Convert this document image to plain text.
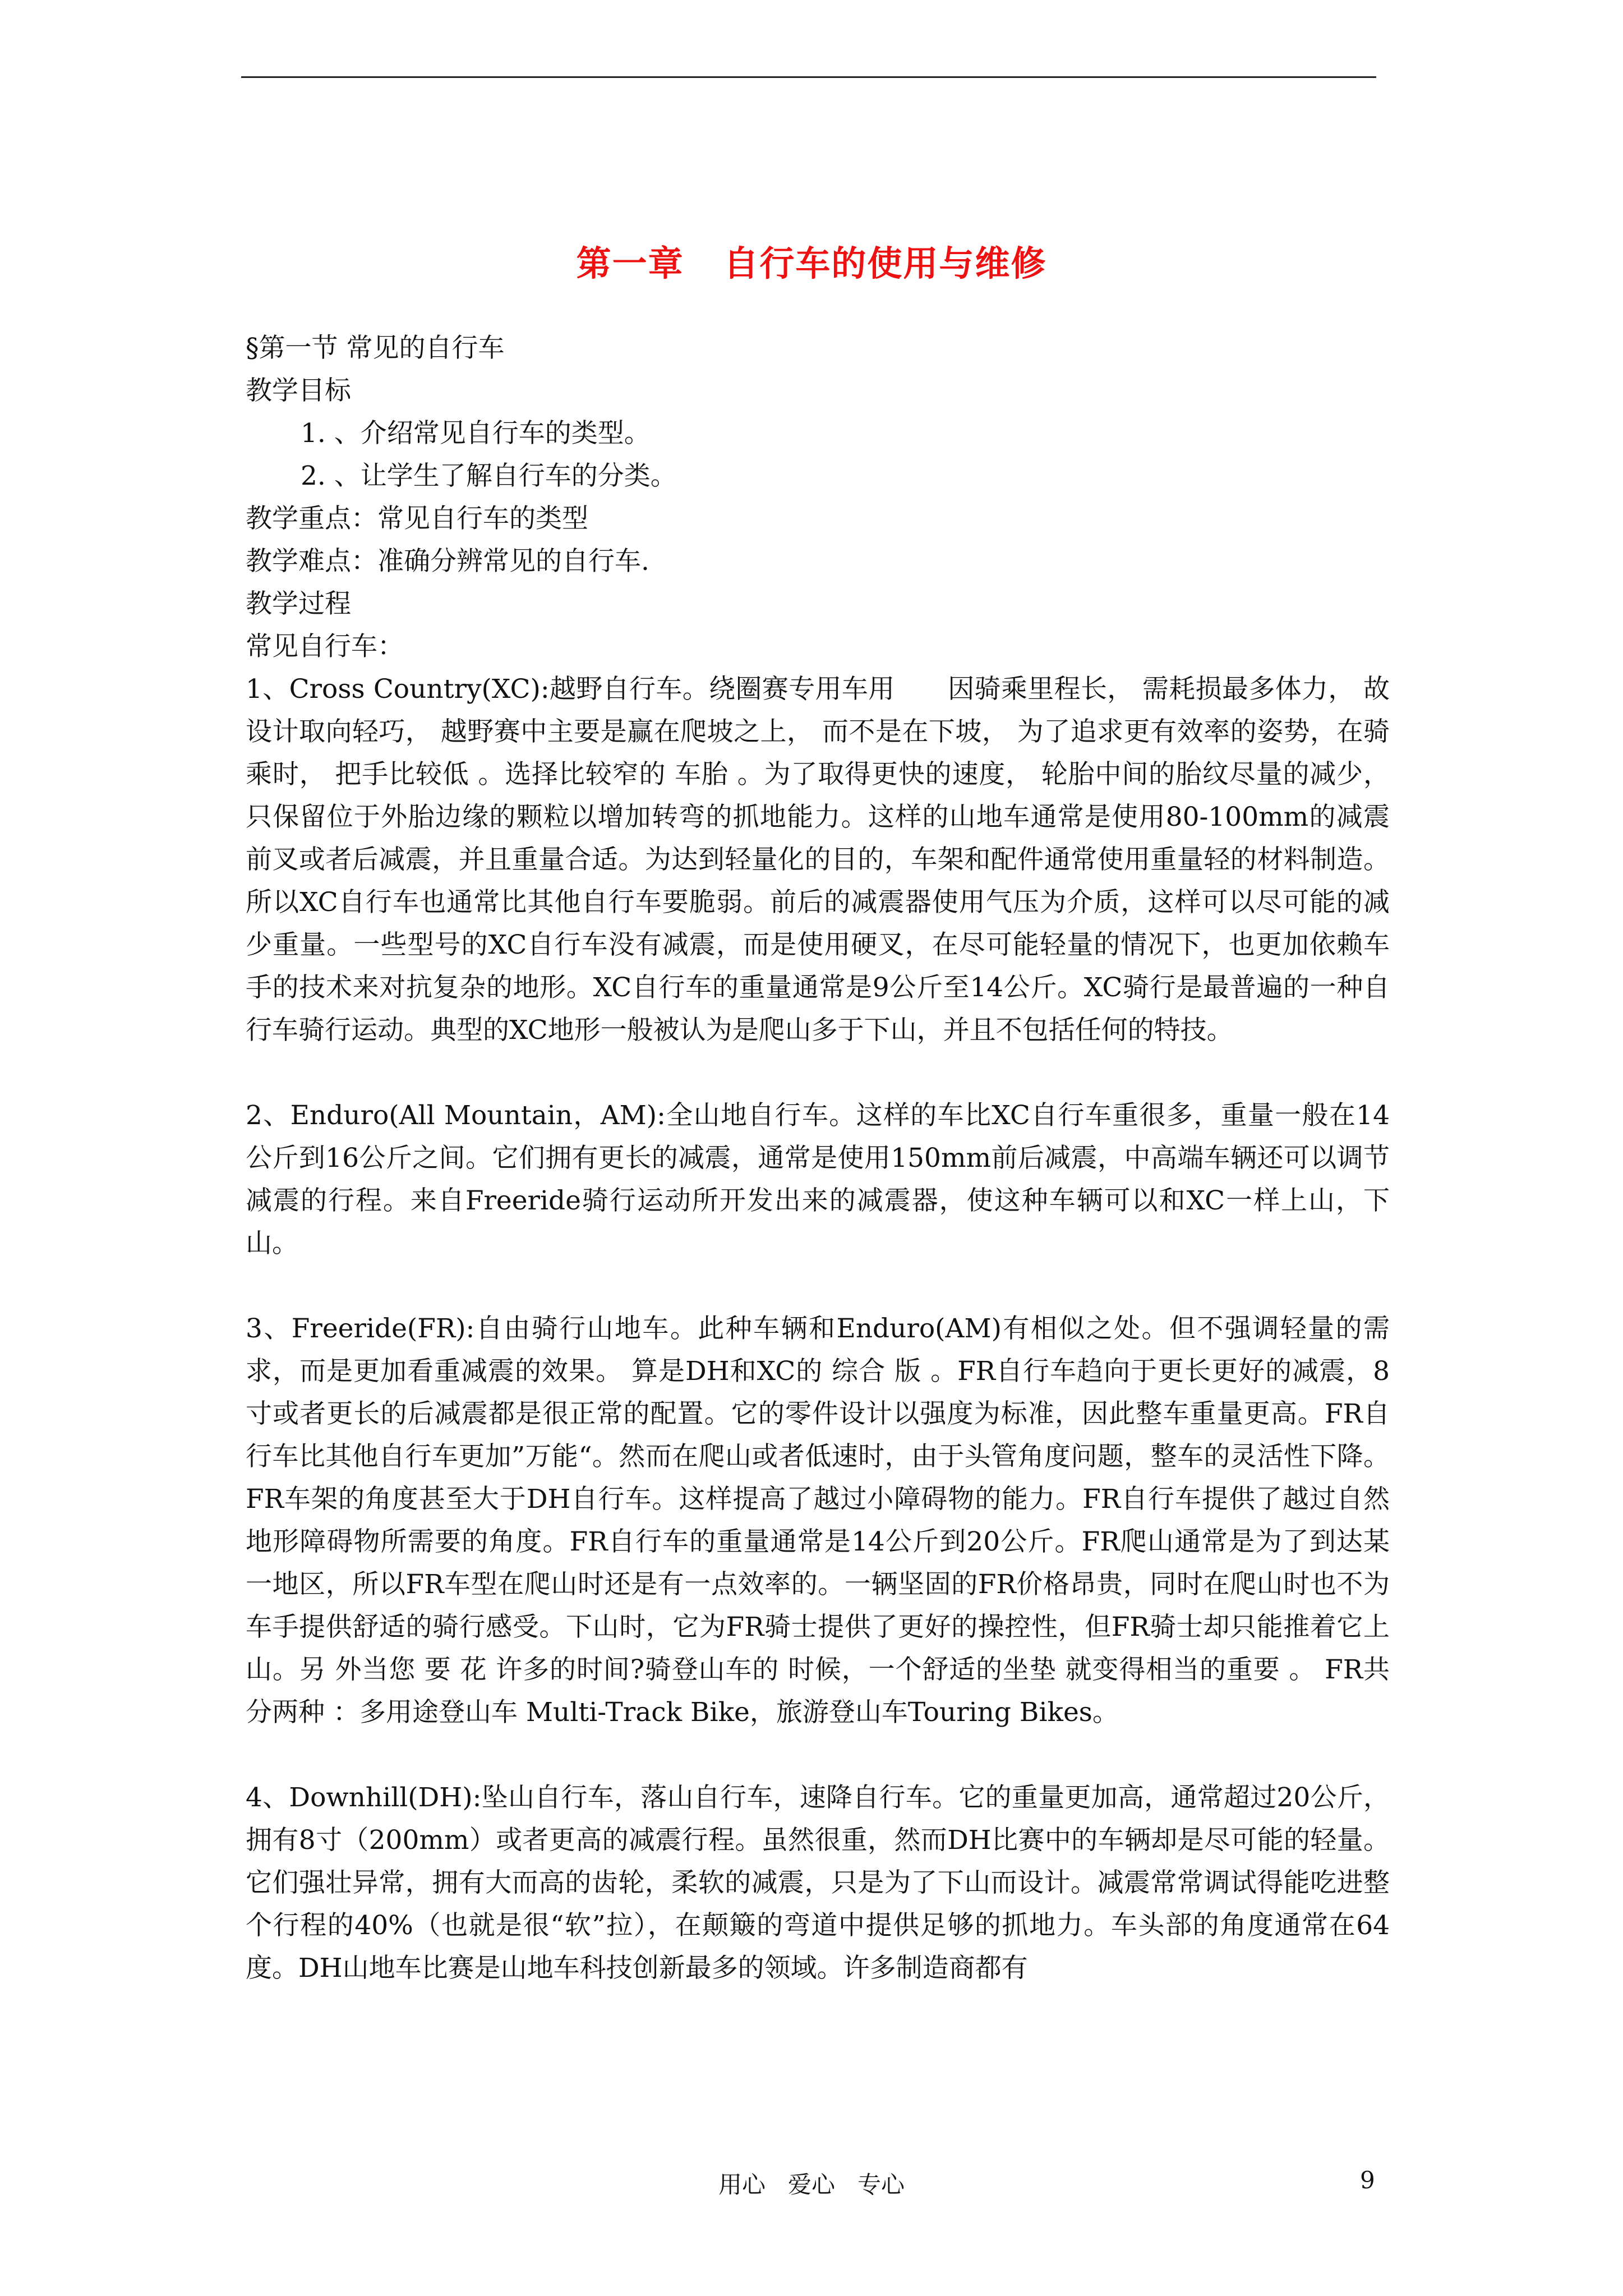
第一章   自行车的使用与维修

§第一节 常见的自行车

教学目标

1. 、介绍常见自行车的类型。

2. 、让学生了解自行车的分类。

教学重点：常见自行车的类型

教学难点：准确分辨常见的自行车.

教学过程

常见自行车：

1、Cross Country(XC):越野自行车。绕圈赛专用车用　　因骑乘里程长， 需耗损最多体力， 故 设计取向轻巧， 越野赛中主要是赢在爬坡之上， 而不是在下坡， 为了追求更有效率的姿势，在骑乘时， 把手比较低 。选择比较窄的 车胎 。为了取得更快的速度， 轮胎中间的胎纹尽量的减少，只保留位于外胎边缘的颗粒以增加转弯的抓地能力。这样的山地车通常是使用80-100mm的减震前叉或者后减震，并且重量合适。为达到轻量化的目的，车架和配件通常使用重量轻的材料制造。所以XC自行车也通常比其他自行车要脆弱。前后的减震器使用气压为介质，这样可以尽可能的减少重量。一些型号的XC自行车没有减震，而是使用硬叉，在尽可能轻量的情况下，也更加依赖车手的技术来对抗复杂的地形。XC自行车的重量通常是9公斤至14公斤。XC骑行是最普遍的一种自行车骑行运动。典型的XC地形一般被认为是爬山多于下山，并且不包括任何的特技。

2、Enduro(All Mountain，AM):全山地自行车。这样的车比XC自行车重很多，重量一般在14公斤到16公斤之间。它们拥有更长的减震，通常是使用150mm前后减震，中高端车辆还可以调节减震的行程。来自Freeride骑行运动所开发出来的减震器，使这种车辆可以和XC一样上山，下山。

3、Freeride(FR):自由骑行山地车。此种车辆和Enduro(AM)有相似之处。但不强调轻量的需求，而是更加看重减震的效果。 算是DH和XC的 综合 版 。FR自行车趋向于更长更好的减震，8寸或者更长的后减震都是很正常的配置。它的零件设计以强度为标准，因此整车重量更高。FR自行车比其他自行车更加”万能“。然而在爬山或者低速时，由于头管角度问题，整车的灵活性下降。FR车架的角度甚至大于DH自行车。这样提高了越过小障碍物的能力。FR自行车提供了越过自然地形障碍物所需要的角度。FR自行车的重量通常是14公斤到20公斤。FR爬山通常是为了到达某一地区，所以FR车型在爬山时还是有一点效率的。一辆坚固的FR价格昂贵，同时在爬山时也不为车手提供舒适的骑行感受。下山时，它为FR骑士提供了更好的操控性，但FR骑士却只能推着它上山。另 外当您 要 花 许多的时间?骑登山车的 时候，一个舒适的坐垫 就变得相当的重要 。 FR共分两种 ：多用途登山车 Multi-Track Bike，旅游登山车Touring Bikes。

4、Downhill(DH):坠山自行车，落山自行车，速降自行车。它的重量更加高，通常超过20公斤，拥有8寸（200mm）或者更高的减震行程。虽然很重，然而DH比赛中的车辆却是尽可能的轻量。它们强壮异常，拥有大而高的齿轮，柔软的减震，只是为了下山而设计。减震常常调试得能吃进整个行程的40%（也就是很“软”拉），在颠簸的弯道中提供足够的抓地力。车头部的角度通常在64度。DH山地车比赛是山地车科技创新最多的领域。许多制造商都有

用心   爱心   专心	9
